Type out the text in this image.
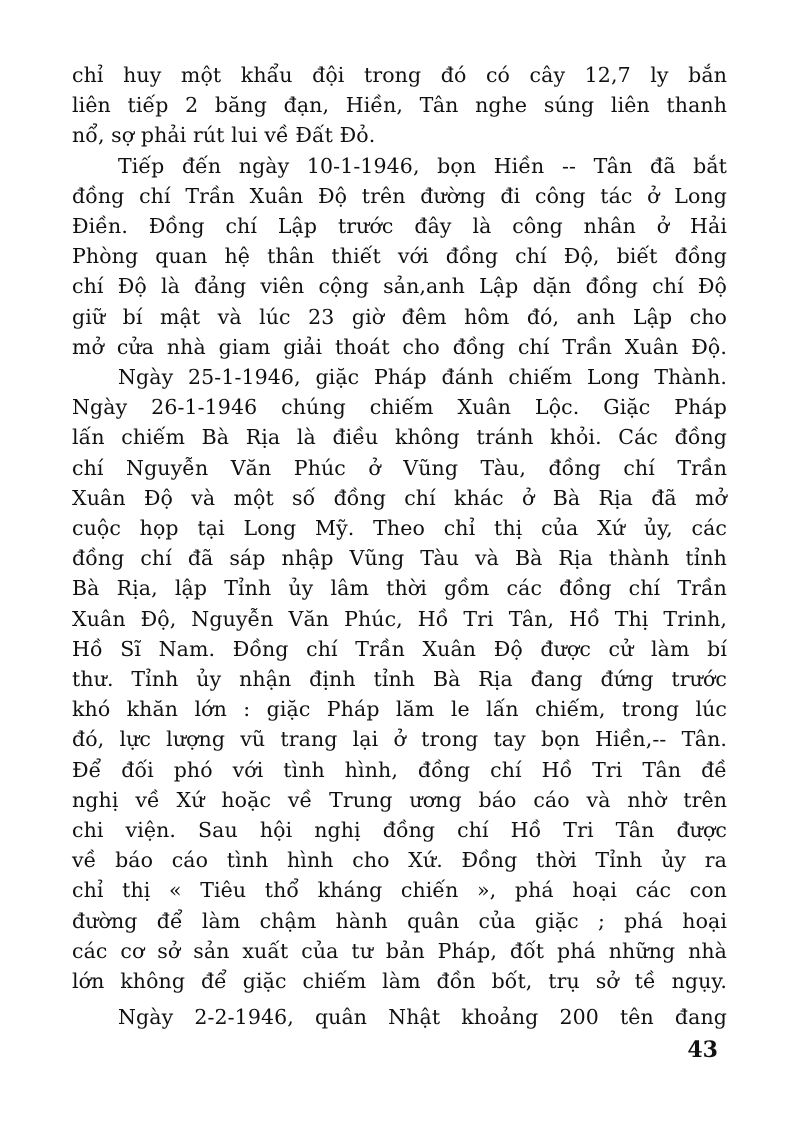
chỉ huy một khẩu đội trong đó có cây 12,7 ly bắn
liên tiếp 2 băng đạn, Hiền, Tân nghe súng liên thanh
nổ, sợ phải rút lui về Đất Đỏ.
Tiếp đến ngày 10-1-1946, bọn Hiền -- Tân đã bắt
đồng chí Trần Xuân Độ trên đường đi công tác ở Long
Điền. Đồng chí Lập trước đây là công nhân ở Hải
Phòng quan hệ thân thiết với đồng chí Độ, biết đồng
chí Độ là đảng viên cộng sản,anh Lập dặn đồng chí Độ
giữ bí mật và lúc 23 giờ đêm hôm đó, anh Lập cho
mở cửa nhà giam giải thoát cho đồng chí Trần Xuân Độ.
Ngày 25-1-1946, giặc Pháp đánh chiếm Long Thành.
Ngày 26-1-1946 chúng chiếm Xuân Lộc. Giặc Pháp
lấn chiếm Bà Rịa là điều không tránh khỏi. Các đồng
chí Nguyễn Văn Phúc ở Vũng Tàu, đồng chí Trần
Xuân Độ và một số đồng chí khác ở Bà Rịa đã mở
cuộc họp tại Long Mỹ. Theo chỉ thị của Xứ ủy, các
đồng chí đã sáp nhập Vũng Tàu và Bà Rịa thành tỉnh
Bà Rịa, lập Tỉnh ủy lâm thời gồm các đồng chí Trần
Xuân Độ, Nguyễn Văn Phúc, Hồ Tri Tân, Hồ Thị Trinh,
Hồ Sĩ Nam. Đồng chí Trần Xuân Độ được cử làm bí
thư. Tỉnh ủy nhận định tỉnh Bà Rịa đang đứng trước
khó khăn lớn : giặc Pháp lăm le lấn chiếm, trong lúc
đó, lực lượng vũ trang lại ở trong tay bọn Hiền,-- Tân.
Để đối phó với tình hình, đồng chí Hồ Tri Tân đề
nghị về Xứ hoặc về Trung ương báo cáo và nhờ trên
chi viện. Sau hội nghị đồng chí Hồ Tri Tân được
về báo cáo tình hình cho Xứ. Đồng thời Tỉnh ủy ra
chỉ thị « Tiêu thổ kháng chiến », phá hoại các con
đường để làm chậm hành quân của giặc ; phá hoại
các cơ sở sản xuất của tư bản Pháp, đốt phá những nhà
lớn không để giặc chiếm làm đồn bốt, trụ sở tề ngụy.
Ngày 2-2-1946, quân Nhật khoảng 200 tên đang
43
